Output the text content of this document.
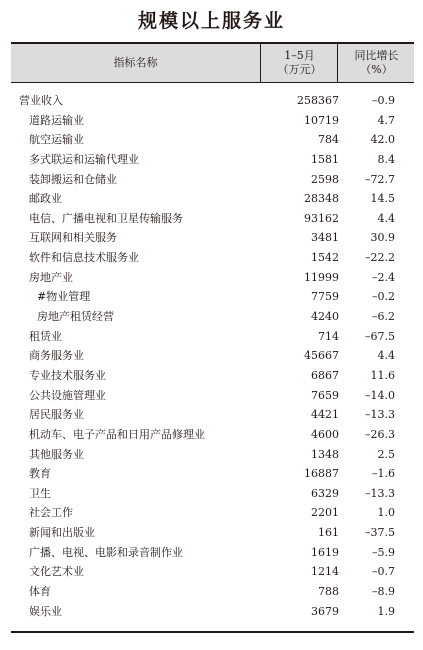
规模以上服务业
指标名称
1–5月
（万元）
同比增长
（%）
营业收入	258367	–0.9
道路运输业	10719	4.7
航空运输业	784	42.0
多式联运和运输代理业	1581	8.4
装卸搬运和仓储业	2598 –72.7
邮政业	28348	14.5
电信、广播电视和卫星传输服务	93162	4.4
互联网和相关服务	3481	30.9
软件和信息技术服务业	1542 –22.2
房地产业	11999	–2.4
#物业管理	7759	–0.2
房地产租赁经营	4240	–6.2
租赁业	714 –67.5
商务服务业	45667	4.4
专业技术服务业	6867	11.6
公共设施管理业	7659 –14.0
居民服务业	4421 –13.3
机动车、电子产品和日用产品修理业	4600 –26.3
其他服务业	1348	2.5
教育	16887	–1.6
卫生	6329 –13.3
社会工作	2201	1.0
新闻和出版业	161 –37.5
广播、电视、电影和录音制作业	1619	–5.9
文化艺术业	1214	–0.7
体育	788	–8.9
娱乐业	3679	1.9
